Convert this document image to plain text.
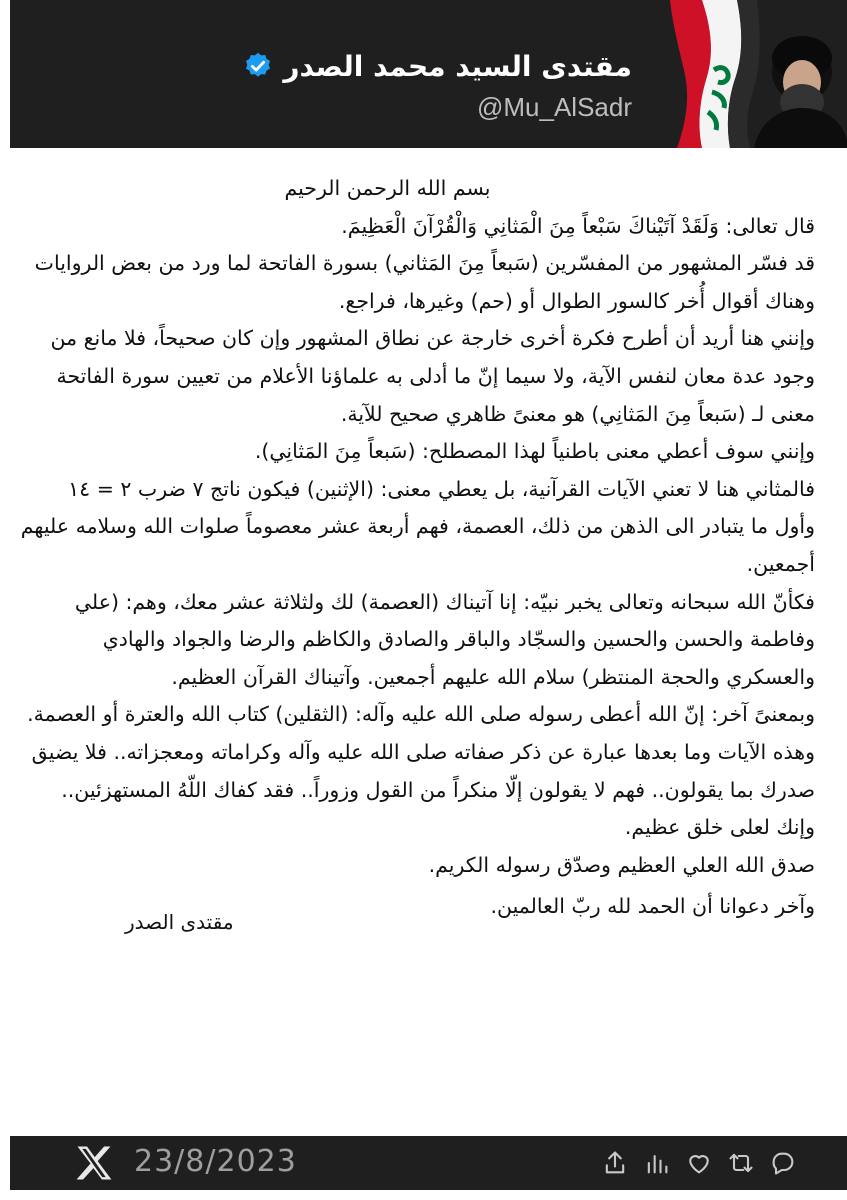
مقتدى السيد محمد الصدر
@Mu_AlSadr

بسم الله الرحمن الرحيم

قال تعالى: وَلَقَدْ آتَيْناكَ سَبْعاً مِنَ الْمَثانِي وَالْقُرْآنَ الْعَظِيمَ.

قد فسّر المشهور من المفسّرين (سَبعاً مِنَ المَثاني) بسورة الفاتحة لما ورد من بعض الروايات وهناك أقوال أُخر كالسور الطوال أو (حم) وغيرها، فراجع.

وإنني هنا أريد أن أطرح فكرة أخرى خارجة عن نطاق المشهور وإن كان صحيحاً، فلا مانع من وجود عدة معان لنفس الآية، ولا سيما إنّ ما أدلى به علماؤنا الأعلام من تعيين سورة الفاتحة معنى لـ (سَبعاً مِنَ المَثانِي) هو معنىً ظاهري صحيح للآية.

وإنني سوف أعطي معنى باطنياً لهذا المصطلح: (سَبعاً مِنَ المَثانِي).

فالمثاني هنا لا تعني الآيات القرآنية، بل يعطي معنى: (الإثنين) فيكون ناتج ٧ ضرب ٢ = ١٤

وأول ما يتبادر الى الذهن من ذلك، العصمة، فهم أربعة عشر معصوماً صلوات الله وسلامه عليهم أجمعين.

فكأنّ الله سبحانه وتعالى يخبر نبيّه: إنا آتيناك (العصمة) لك ولثلاثة عشر معك، وهم: (علي وفاطمة والحسن والحسين والسجّاد والباقر والصادق والكاظم والرضا والجواد والهادي والعسكري والحجة المنتظر) سلام الله عليهم أجمعين. وآتيناك القرآن العظيم.

وبمعنىً آخر: إنّ الله أعطى رسوله صلى الله عليه وآله: (الثقلين) كتاب الله والعترة أو العصمة.

وهذه الآيات وما بعدها عبارة عن ذكر صفاته صلى الله عليه وآله وكراماته ومعجزاته.. فلا يضيق صدرك بما يقولون.. فهم لا يقولون إلّا منكراً من القول وزوراً.. فقد كفاك اللّهُ المستهزئين.. وإنك لعلى خلق عظيم.

صدق الله العلي العظيم وصدّق رسوله الكريم.

وآخر دعوانا أن الحمد لله ربّ العالمين.
مقتدى الصدر
23/8/2023
